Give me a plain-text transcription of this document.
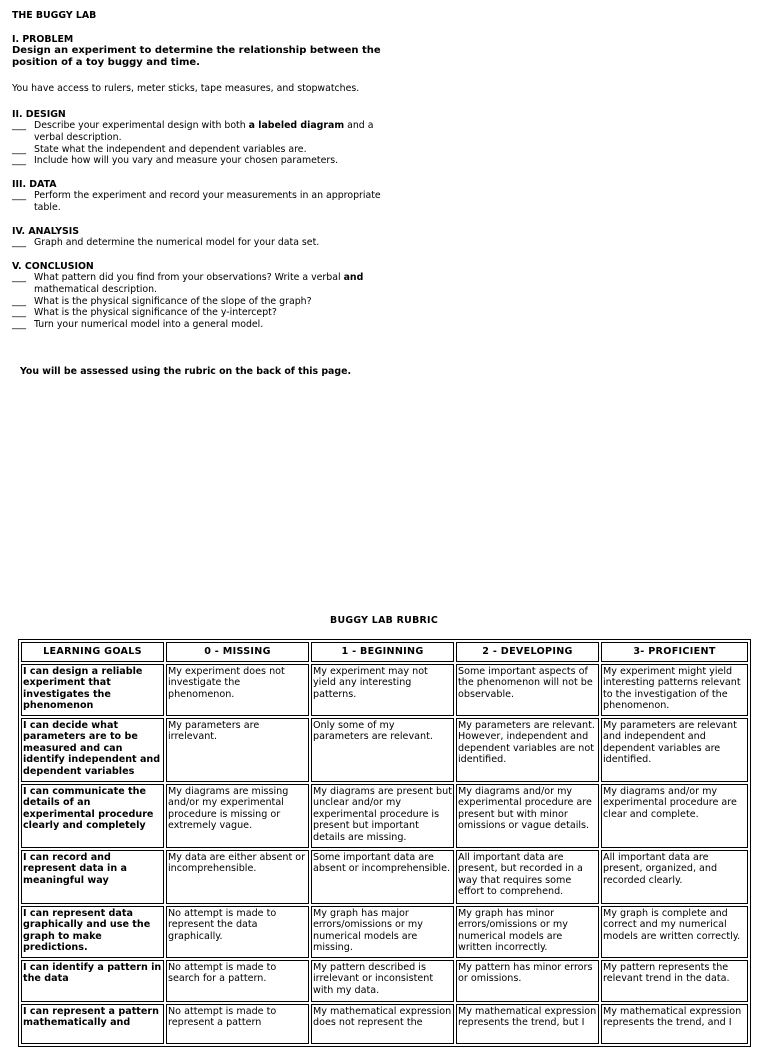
THE BUGGY LAB
I. PROBLEM
Design an experiment to determine the relationship between the position of a toy buggy and time.
You have access to rulers, meter sticks, tape measures, and stopwatches.
II. DESIGN
___ Describe your experimental design with both a labeled diagram and a verbal description.
___ State what the independent and dependent variables are.
___ Include how will you vary and measure your chosen parameters.
III. DATA
___ Perform the experiment and record your measurements in an appropriate table.
IV. ANALYSIS
___ Graph and determine the numerical model for your data set.
V. CONCLUSION
___ What pattern did you find from your observations? Write a verbal and mathematical description.
___ What is the physical significance of the slope of the graph?
___ What is the physical significance of the y-intercept?
___ Turn your numerical model into a general model.
You will be assessed using the rubric on the back of this page.
BUGGY LAB RUBRIC
LEARNING GOALS	0 - MISSING	1 - BEGINNING	2 - DEVELOPING	3- PROFICIENT
I can design a reliable experiment that investigates the phenomenon	My experiment does not investigate the phenomenon.	My experiment may not yield any interesting patterns.	Some important aspects of the phenomenon will not be observable.	My experiment might yield interesting patterns relevant to the investigation of the phenomenon.
I can decide what parameters are to be measured and can identify independent and dependent variables	My parameters are irrelevant.	Only some of my parameters are relevant.	My parameters are relevant. However, independent and dependent variables are not identified.	My parameters are relevant and independent and dependent variables are identified.
I can communicate the details of an experimental procedure clearly and completely	My diagrams are missing and/or my experimental procedure is missing or extremely vague.	My diagrams are present but unclear and/or my experimental procedure is present but important details are missing.	My diagrams and/or my experimental procedure are present but with minor omissions or vague details.	My diagrams and/or my experimental procedure are clear and complete.
I can record and represent data in a meaningful way	My data are either absent or incomprehensible.	Some important data are absent or incomprehensible.	All important data are present, but recorded in a way that requires some effort to comprehend.	All important data are present, organized, and recorded clearly.
I can represent data graphically and use the graph to make predictions.	No attempt is made to represent the data graphically.	My graph has major errors/omissions or my numerical models are missing.	My graph has minor errors/omissions or my numerical models are written incorrectly.	My graph is complete and correct and my numerical models are written correctly.
I can identify a pattern in the data	No attempt is made to search for a pattern.	My pattern described is irrelevant or inconsistent with my data.	My pattern has minor errors or omissions.	My pattern represents the relevant trend in the data.
I can represent a pattern mathematically and	No attempt is made to represent a pattern	My mathematical expression does not represent the	My mathematical expression represents the trend, but I	My mathematical expression represents the trend, and I
